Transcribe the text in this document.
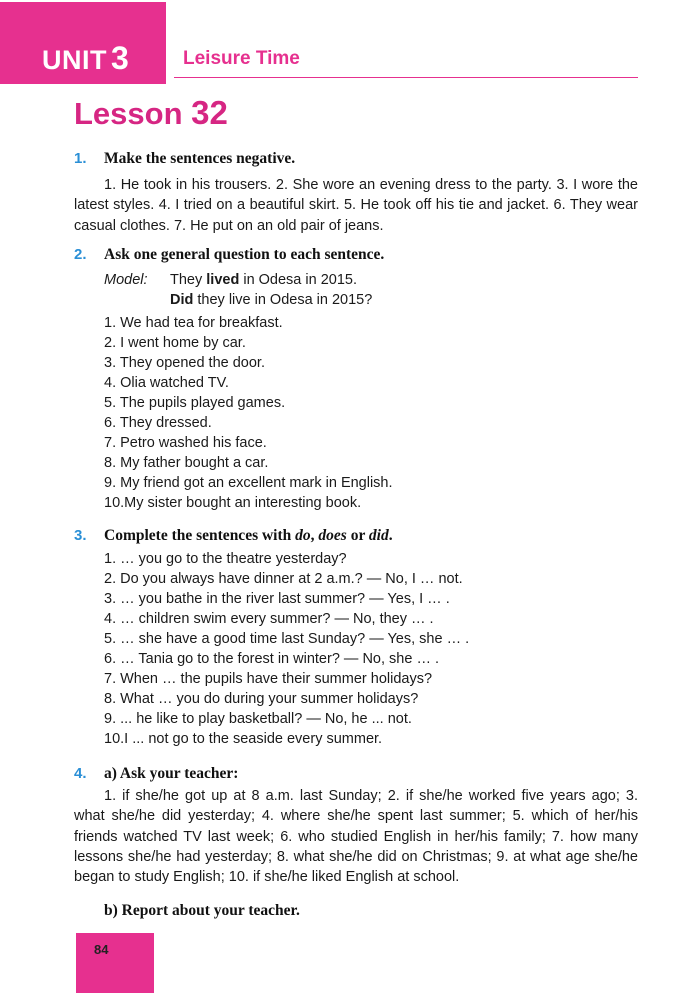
UNIT 3	Leisure Time
Lesson 32
1. Make the sentences negative.
1. He took in his trousers. 2. She wore an evening dress to the party. 3. I wore the latest styles. 4. I tried on a beautiful skirt. 5. He took off his tie and jacket. 6. They wear casual clothes. 7. He put on an old pair of jeans.
2. Ask one general question to each sentence.
Model: They lived in Odesa in 2015.
Did they live in Odesa in 2015?
1. We had tea for breakfast.
2. I went home by car.
3. They opened the door.
4. Olia watched TV.
5. The pupils played games.
6. They dressed.
7. Petro washed his face.
8. My father bought a car.
9. My friend got an excellent mark in English.
10.My sister bought an interesting book.
3. Complete the sentences with do, does or did.
1. … you go to the theatre yesterday?
2. Do you always have dinner at 2 a.m.? — No, I … not.
3. … you bathe in the river last summer? — Yes, I … .
4. … children swim every summer? — No, they … .
5. … she have a good time last Sunday? — Yes, she … .
6. … Tania go to the forest in winter? — No, she … .
7. When … the pupils have their summer holidays?
8. What … you do during your summer holidays?
9. ... he like to play basketball? — No, he ... not.
10.I ... not go to the seaside every summer.
4. a) Ask your teacher:
1. if she/he got up at 8 a.m. last Sunday; 2. if she/he worked five years ago; 3. what she/he did yesterday; 4. where she/he spent last summer; 5. which of her/his friends watched TV last week; 6. who studied English in her/his family; 7. how many lessons she/he had yesterday; 8. what she/he did on Christmas; 9. at what age she/he began to study English; 10. if she/he liked English at school.
b) Report about your teacher.
84
